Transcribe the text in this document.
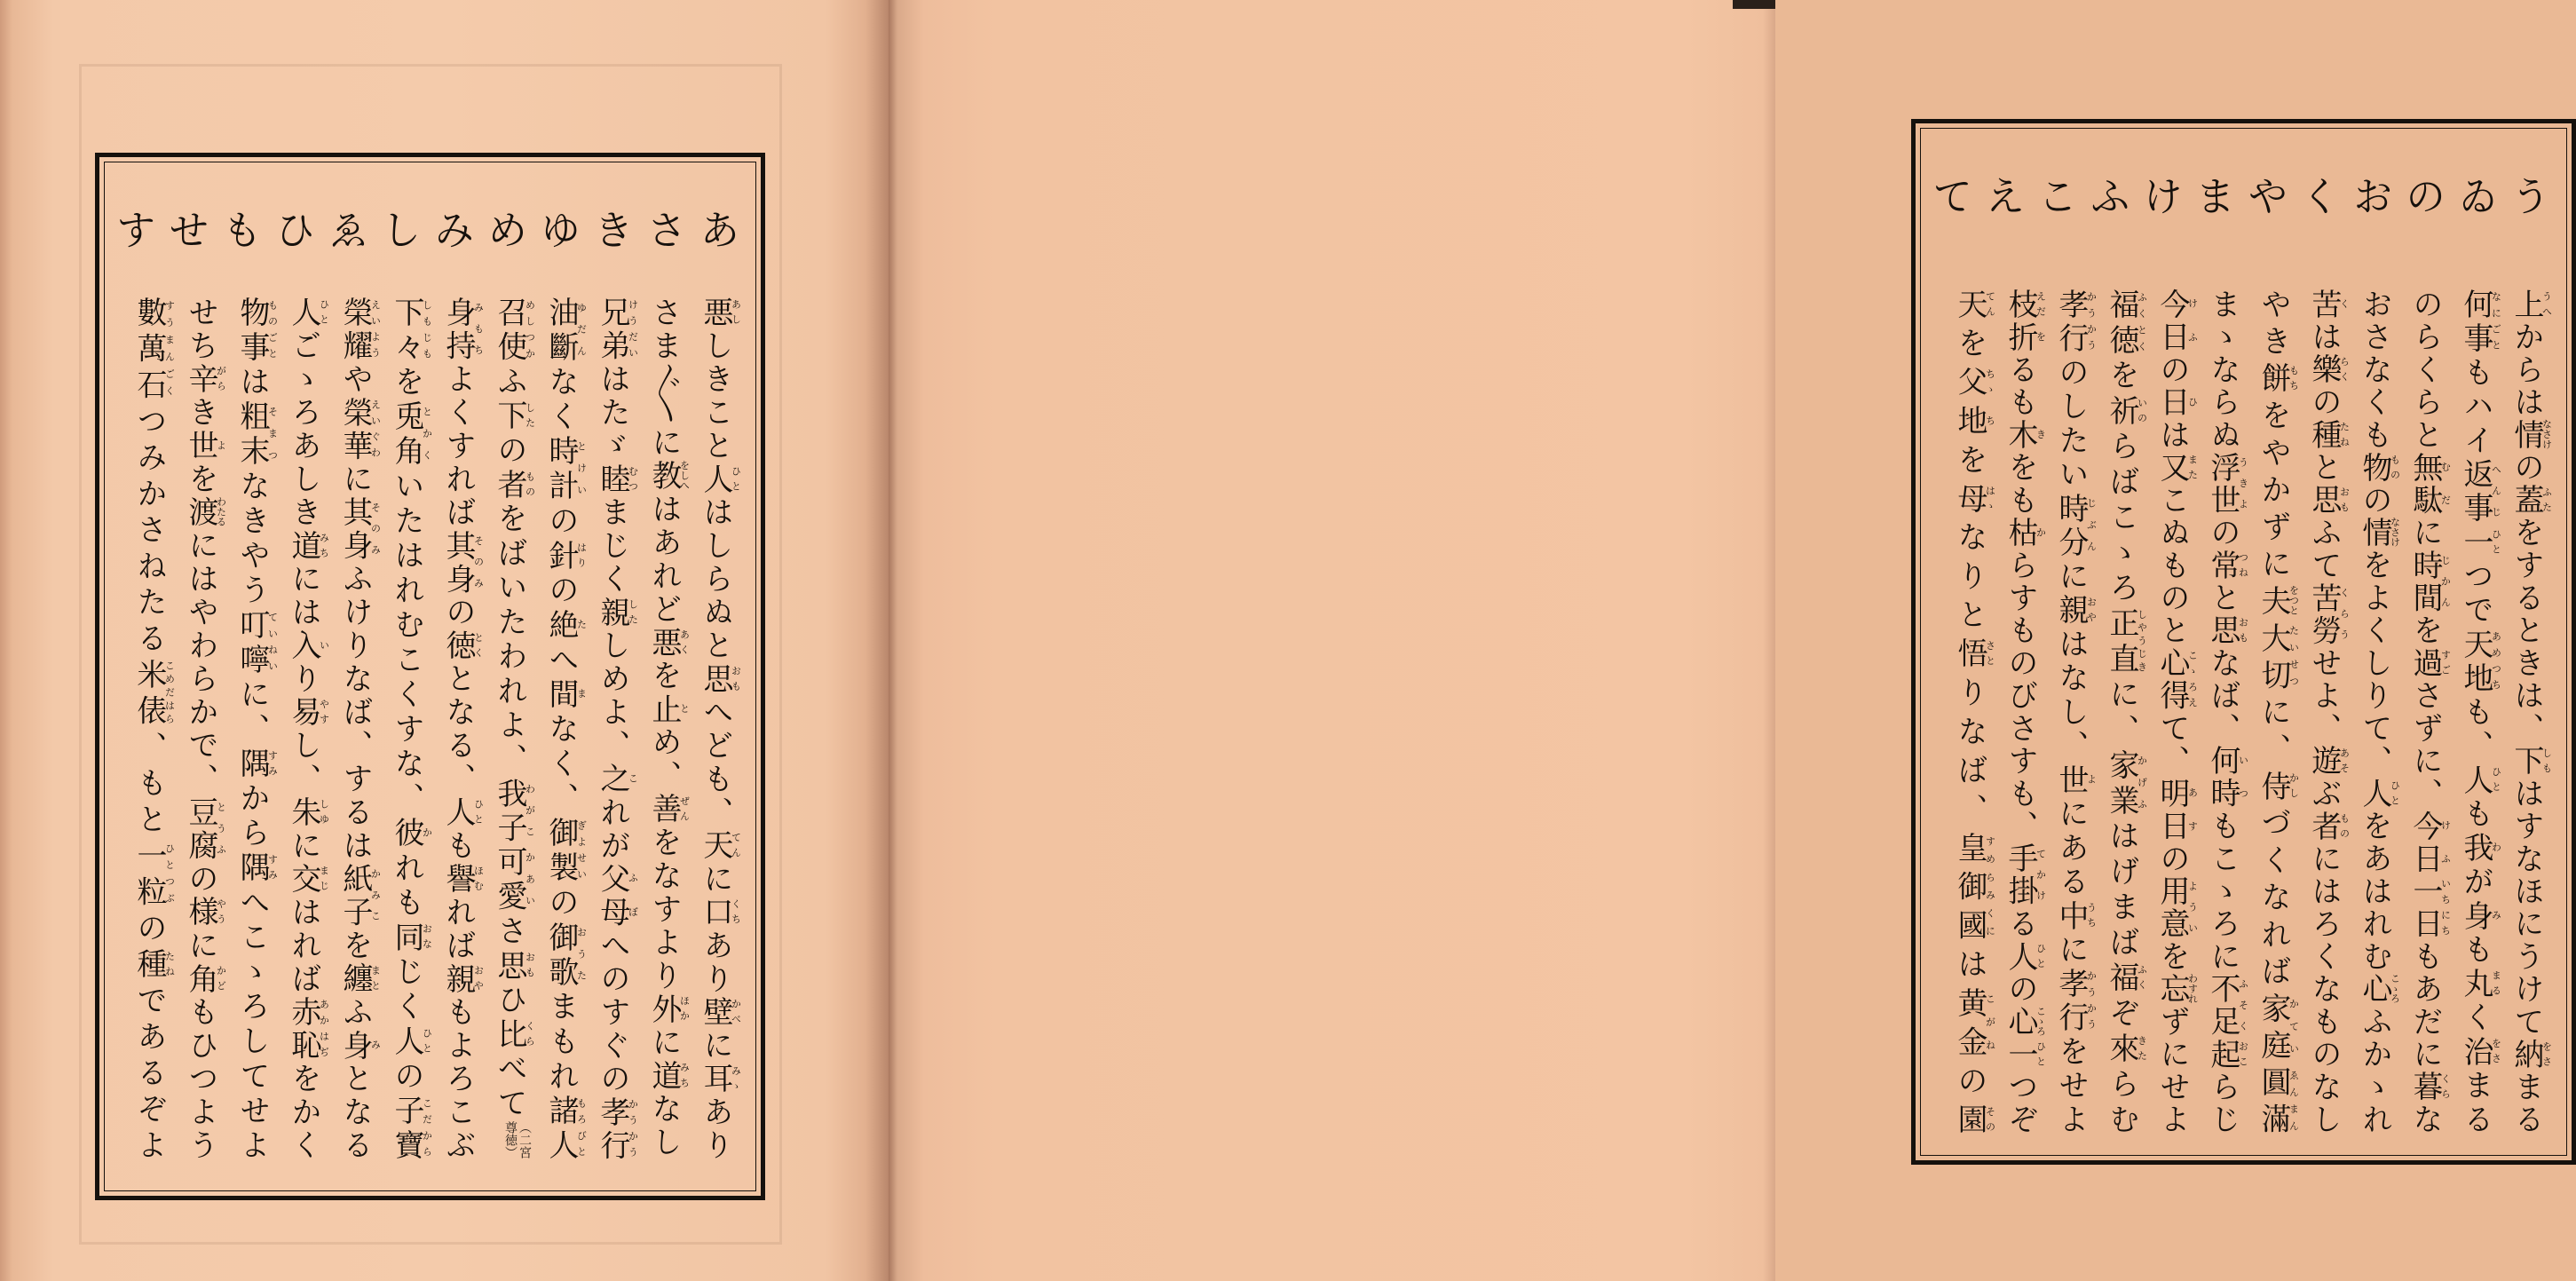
あさきゆめみしゑひもせす
悪あししきこと人ひとはしらぬと思おもへども、天てんに口くちあり壁かべに耳みゝあり
さま〴〵に教をしへはあれど悪あくを止とめ、善ぜんをなすより外ほかに道みちなし
兄弟けうだいはたゞ睦むつまじく親したしめよ、之これが父母ふぼへのすぐの孝行かうかう
油斷ゆだんなく時計とけいの針はりの絶たへ間まなく、御製ぎよせいの御歌おうたまもれ諸人もろびと
召使めしつかふ下したの者ものをばいたわれよ、我子わがこ可愛かあいさ思おもひ比くらべて（二宮尊徳）
身持みもちよくすれば其身そのみの徳とくとなる、人ひとも譽ほむれば親おやもよろこぶ
下々しもじもを兎角とかくいたはれむこくすな、彼かれも同おなじく人ひとの子寶こだから
榮耀えいようや榮華えいぐわに其身そのみふけりなば、するは紙子かみこを纏まとふ身みとなる
人ひとごゝろあしき道みちには入いり易やすし、朱しゆに交まじはれば赤恥あかはぢをかく
物事ものごとは粗末そまつなきやう叮嚀ていねいに、隅すみから隅すみへこゝろしてせよ
せち辛がらき世よを渡わたるにはやわらかで、豆腐とうふの様やうに角かどもひつよう
數萬石すうまんごくつみかさねたる米俵こめだはら、もと一粒ひとつぶの種たねであるぞよ
うゐのおくやまけふこえて
上うへからは情なさけの蓋ふたをするときは、下しもはすなほにうけて納をさまる
何事なにごともハイ返事へんじ一ひとつで天地あめつちも、人ひとも我わが身みも丸まるく治をさまる
のらくらと無駄むだに時間じかんを過すごさずに、今日けふ一日いちにちもあだに暮くらな
おさなくも物ものの情なさけをよくしりて、人ひとをあはれむ心こゝろふかゝれ
苦くは樂らくの種たねと思おもふて苦勞くらうせよ、遊あそぶ者ものにはろくなものなし
やき餅もちをやかずに夫をつと大切たいせつに、侍かしづくなれば家庭かてい圓滿ゑんまん
まゝならぬ浮世うきよの常つねと思おもなば、何時いつもこゝろに不足ふそく起おこらじ
今日けふの日ひは又またこぬものと心得こゝろえて、明日あすの用意よういを忘わすれずにせよ
福徳ふくとくを祈いのらばこゝろ正直しやうじきに、家業かげふはげまば福ふくぞ來きたらむ
孝行かうかうのしたい時分じぶんに親おやはなし、世よにある中うちに孝行かうかうをせよ
枝えだ折をるも木きをも枯からすものびさすも、手掛てかける人ひとの心こゝろ一ひとつぞ
天てんを父ちゝ地ちを母はゝなりと悟さとりなば、皇御國すめらみくには黄金こがねの園その
